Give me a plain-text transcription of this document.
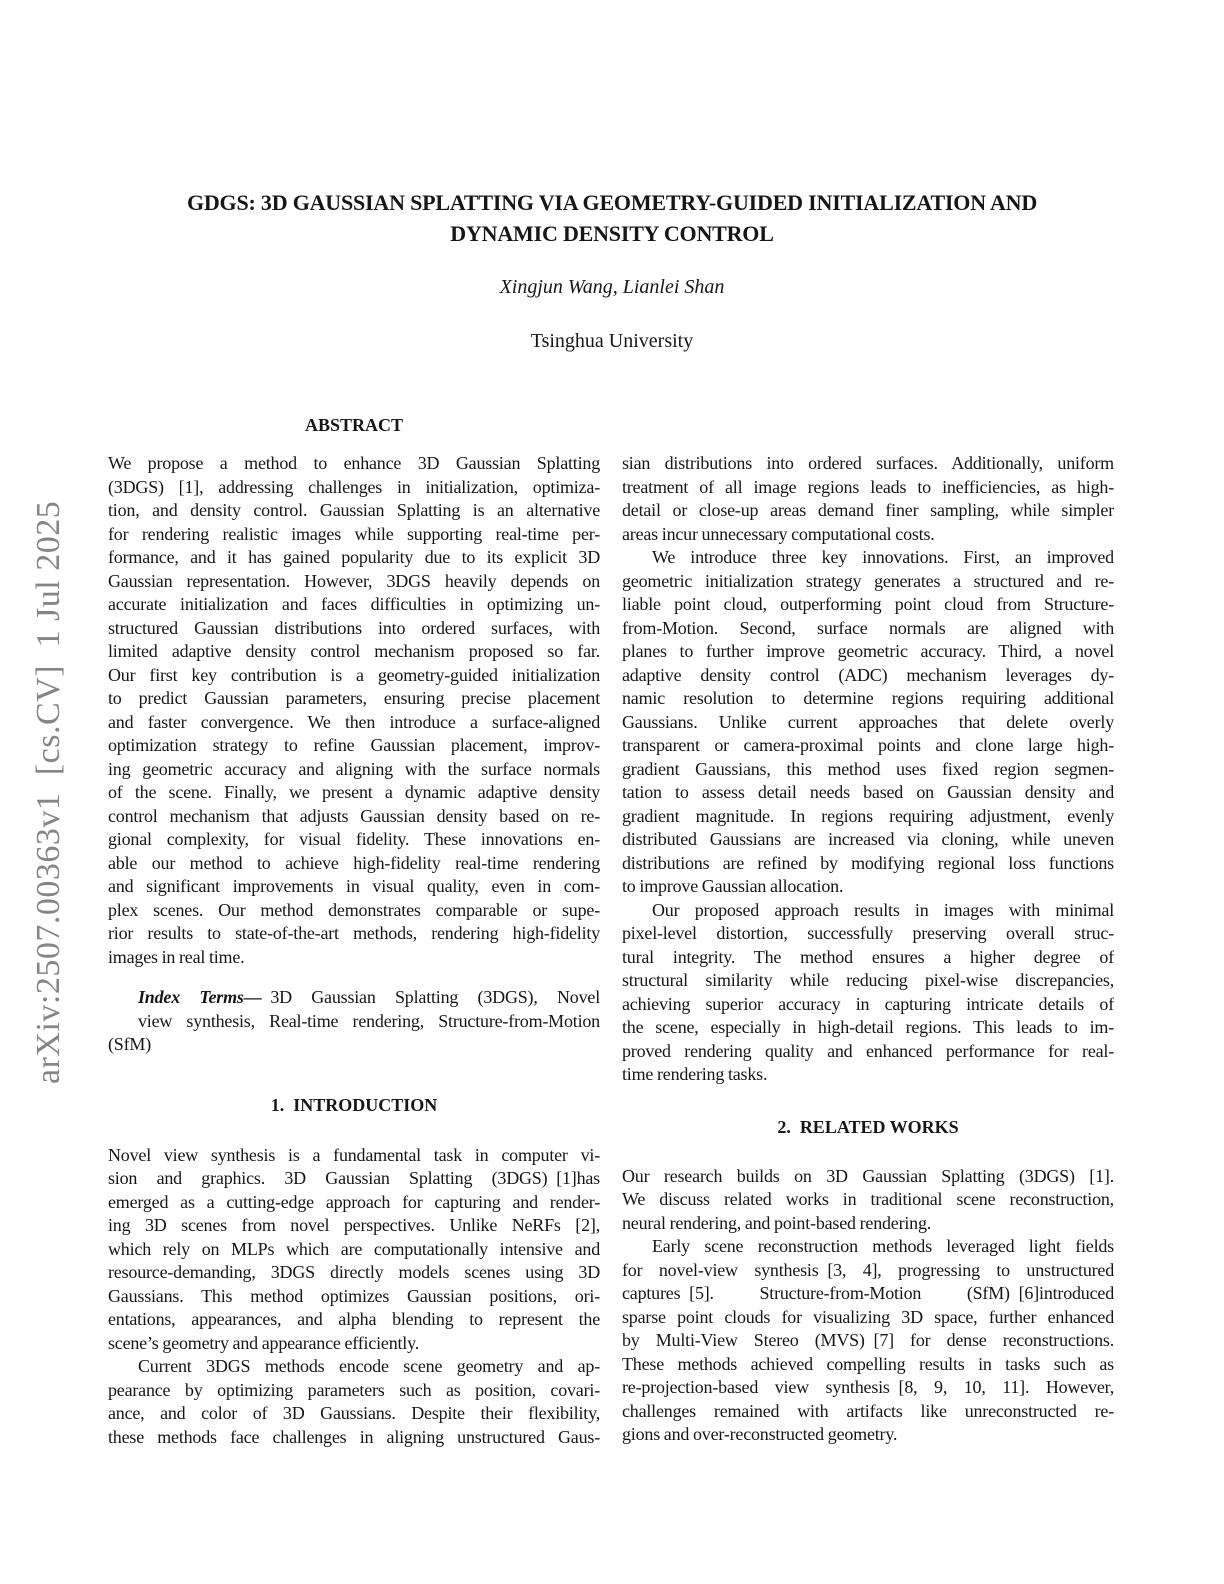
arXiv:2507.00363v1 [cs.CV] 1 Jul 2025
GDGS: 3D GAUSSIAN SPLATTING VIA GEOMETRY-GUIDED INITIALIZATION AND
DYNAMIC DENSITY CONTROL
Xingjun Wang, Lianlei Shan
Tsinghua University
ABSTRACT
We propose a method to enhance 3D Gaussian Splatting
(3DGS) [1], addressing challenges in initialization, optimiza-
tion, and density control. Gaussian Splatting is an alternative
for rendering realistic images while supporting real-time per-
formance, and it has gained popularity due to its explicit 3D
Gaussian representation. However, 3DGS heavily depends on
accurate initialization and faces difficulties in optimizing un-
structured Gaussian distributions into ordered surfaces, with
limited adaptive density control mechanism proposed so far.
Our first key contribution is a geometry-guided initialization
to predict Gaussian parameters, ensuring precise placement
and faster convergence. We then introduce a surface-aligned
optimization strategy to refine Gaussian placement, improv-
ing geometric accuracy and aligning with the surface normals
of the scene. Finally, we present a dynamic adaptive density
control mechanism that adjusts Gaussian density based on re-
gional complexity, for visual fidelity. These innovations en-
able our method to achieve high-fidelity real-time rendering
and significant improvements in visual quality, even in com-
plex scenes. Our method demonstrates comparable or supe-
rior results to state-of-the-art methods, rendering high-fidelity
images in real time.
Index Terms— 3D Gaussian Splatting (3DGS), Novel
view synthesis, Real-time rendering, Structure-from-Motion
(SfM)
1. INTRODUCTION
Novel view synthesis is a fundamental task in computer vi-
sion and graphics. 3D Gaussian Splatting (3DGS) [1]has
emerged as a cutting-edge approach for capturing and render-
ing 3D scenes from novel perspectives. Unlike NeRFs [2],
which rely on MLPs which are computationally intensive and
resource-demanding, 3DGS directly models scenes using 3D
Gaussians. This method optimizes Gaussian positions, ori-
entations, appearances, and alpha blending to represent the
scene’s geometry and appearance efficiently.
Current 3DGS methods encode scene geometry and ap-
pearance by optimizing parameters such as position, covari-
ance, and color of 3D Gaussians. Despite their flexibility,
these methods face challenges in aligning unstructured Gaus-
sian distributions into ordered surfaces. Additionally, uniform
treatment of all image regions leads to inefficiencies, as high-
detail or close-up areas demand finer sampling, while simpler
areas incur unnecessary computational costs.
We introduce three key innovations. First, an improved
geometric initialization strategy generates a structured and re-
liable point cloud, outperforming point cloud from Structure-
from-Motion. Second, surface normals are aligned with
planes to further improve geometric accuracy. Third, a novel
adaptive density control (ADC) mechanism leverages dy-
namic resolution to determine regions requiring additional
Gaussians. Unlike current approaches that delete overly
transparent or camera-proximal points and clone large high-
gradient Gaussians, this method uses fixed region segmen-
tation to assess detail needs based on Gaussian density and
gradient magnitude. In regions requiring adjustment, evenly
distributed Gaussians are increased via cloning, while uneven
distributions are refined by modifying regional loss functions
to improve Gaussian allocation.
Our proposed approach results in images with minimal
pixel-level distortion, successfully preserving overall struc-
tural integrity. The method ensures a higher degree of
structural similarity while reducing pixel-wise discrepancies,
achieving superior accuracy in capturing intricate details of
the scene, especially in high-detail regions. This leads to im-
proved rendering quality and enhanced performance for real-
time rendering tasks.
2. RELATED WORKS
Our research builds on 3D Gaussian Splatting (3DGS) [1].
We discuss related works in traditional scene reconstruction,
neural rendering, and point-based rendering.
Early scene reconstruction methods leveraged light fields
for novel-view synthesis [3, 4], progressing to unstructured
captures [5]. Structure-from-Motion (SfM) [6]introduced
sparse point clouds for visualizing 3D space, further enhanced
by Multi-View Stereo (MVS) [7] for dense reconstructions.
These methods achieved compelling results in tasks such as
re-projection-based view synthesis [8, 9, 10, 11]. However,
challenges remained with artifacts like unreconstructed re-
gions and over-reconstructed geometry.
